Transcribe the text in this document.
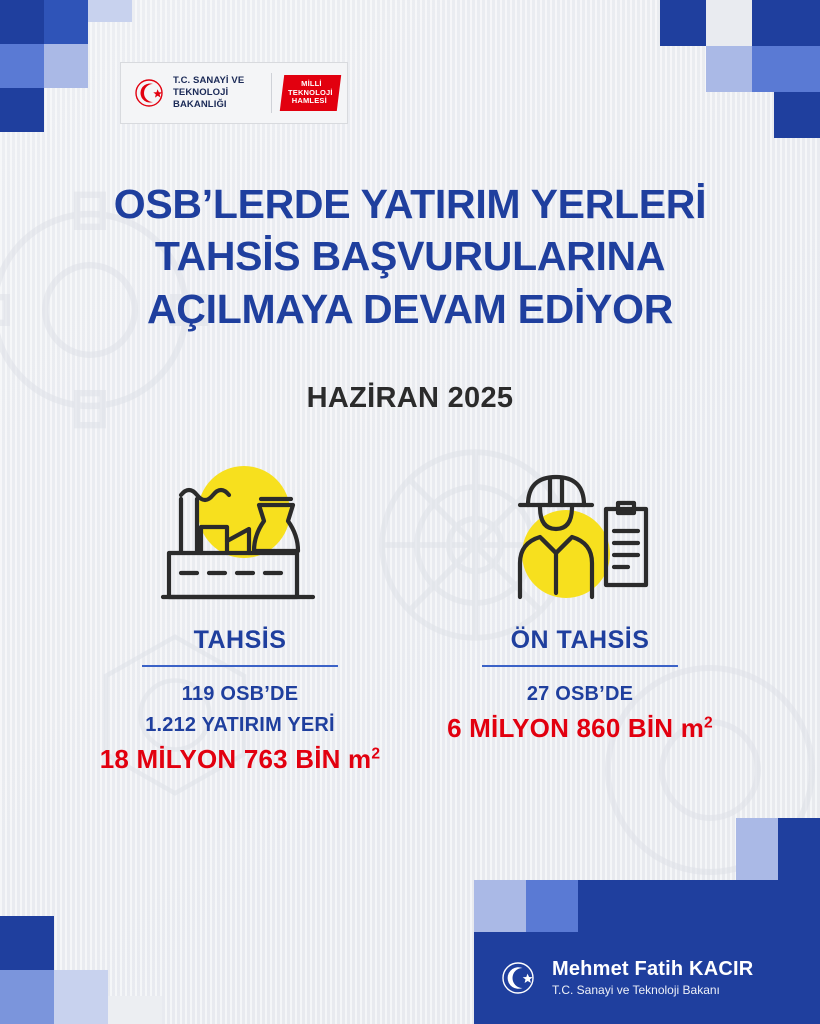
T.C. SANAYİ VE
TEKNOLOJİ BAKANLIĞI
MİLLİ
TEKNOLOJİ
HAMLESİ
OSB’LERDE YATIRIM YERLERİ
TAHSİS BAŞVURULARINA
AÇILMAYA DEVAM EDİYOR
HAZİRAN 2025
TAHSİS
119 OSB’DE
1.212 YATIRIM YERİ
18 MİLYON 763 BİN $m^2$
ÖN TAHSİS
27 OSB’DE
6 MİLYON 860 BİN $m^2$
Mehmet Fatih KACIR
T.C. Sanayi ve Teknoloji Bakanı
